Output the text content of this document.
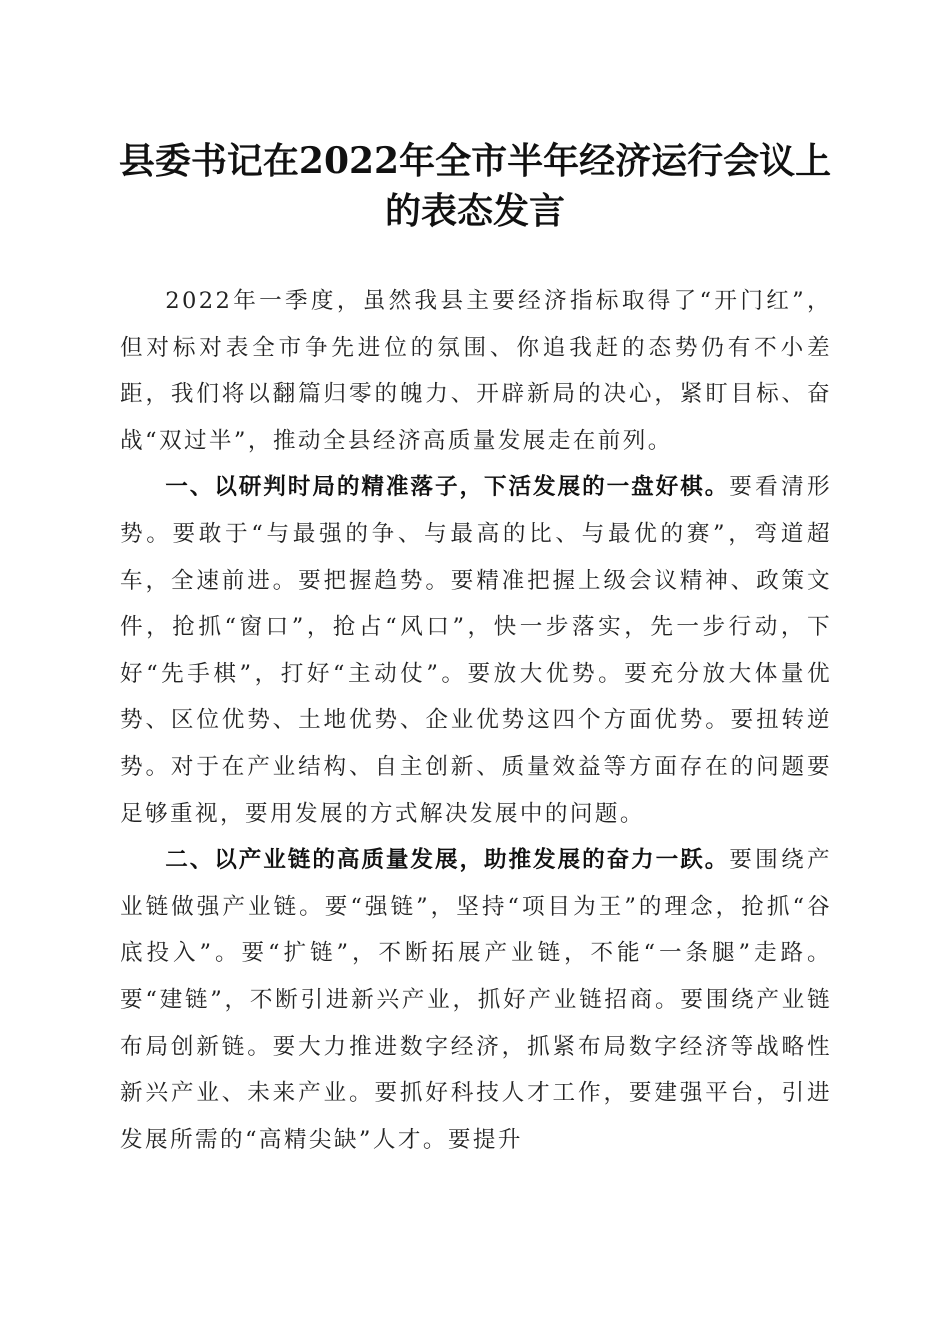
县委书记在2022年全市半年经济运行会议上的表态发言

2022年一季度，虽然我县主要经济指标取得了“开门红”，但对标对表全市争先进位的氛围、你追我赶的态势仍有不小差距，我们将以翻篇归零的魄力、开辟新局的决心，紧盯目标、奋战“双过半”，推动全县经济高质量发展走在前列。

一、以研判时局的精准落子，下活发展的一盘好棋。要看清形势。要敢于“与最强的争、与最高的比、与最优的赛”，弯道超车，全速前进。要把握趋势。要精准把握上级会议精神、政策文件，抢抓“窗口”，抢占“风口”，快一步落实，先一步行动，下好“先手棋”，打好“主动仗”。要放大优势。要充分放大体量优势、区位优势、土地优势、企业优势这四个方面优势。要扭转逆势。对于在产业结构、自主创新、质量效益等方面存在的问题要足够重视，要用发展的方式解决发展中的问题。

二、以产业链的高质量发展，助推发展的奋力一跃。要围绕产业链做强产业链。要“强链”，坚持“项目为王”的理念，抢抓“谷底投入”。要“扩链”，不断拓展产业链，不能“一条腿”走路。要“建链”，不断引进新兴产业，抓好产业链招商。要围绕产业链布局创新链。要大力推进数字经济，抓紧布局数字经济等战略性新兴产业、未来产业。要抓好科技人才工作，要建强平台，引进发展所需的“高精尖缺”人才。要提升
